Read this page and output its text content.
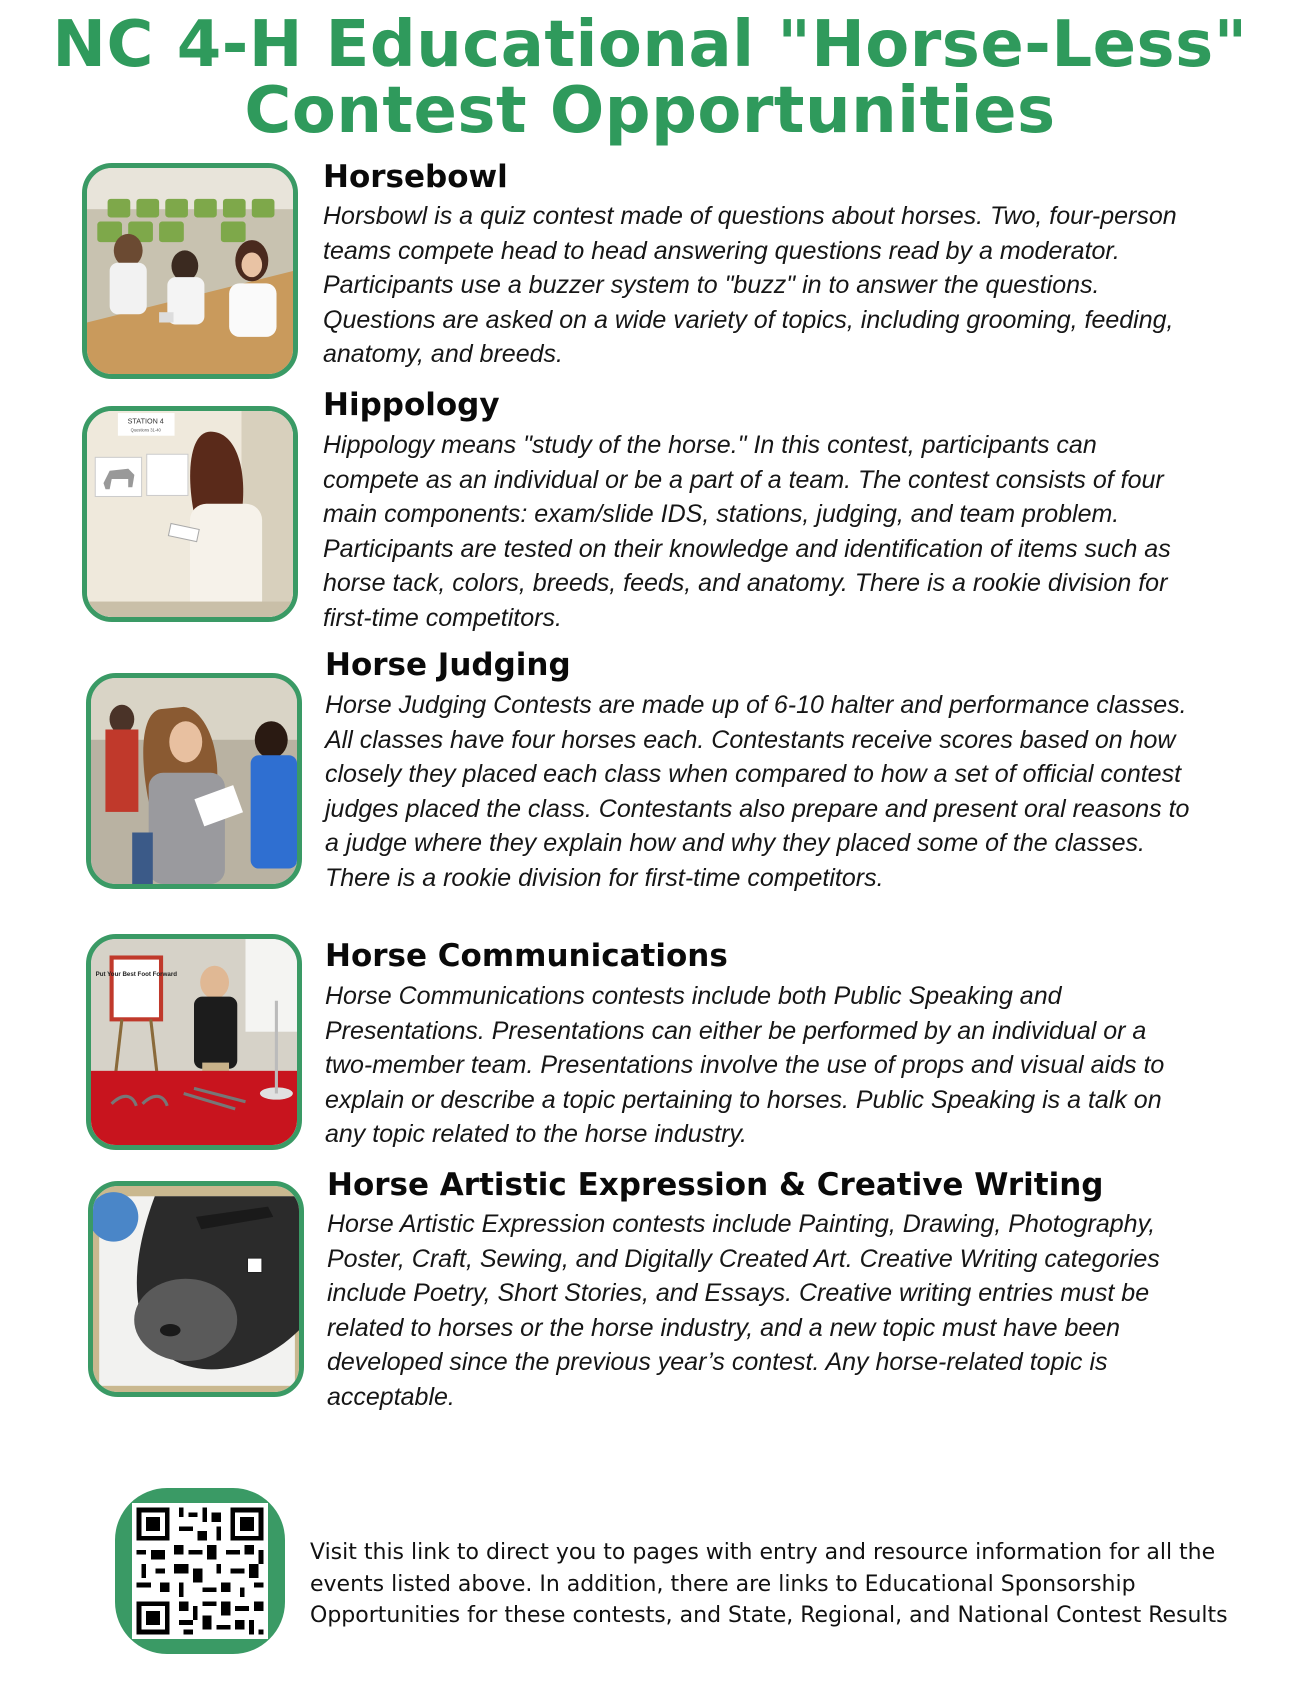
NC 4-H Educational "Horse-Less"
Contest Opportunities
Horsebowl
Horsbowl is a quiz contest made of questions about horses. Two, four-person teams compete head to head answering questions read by a moderator. Participants use a buzzer system to "buzz" in to answer the questions. Questions are asked on a wide variety of topics, including grooming, feeding, anatomy, and breeds.
STATION 4
Questions 31-40
Hippology
Hippology means "study of the horse." In this contest, participants can compete as an individual or be a part of a team. The contest consists of four main components: exam/slide IDS, stations, judging, and team problem. Participants are tested on their knowledge and identification of items such as horse tack, colors, breeds, feeds, and anatomy. There is a rookie division for first-time competitors.
Horse Judging
Horse Judging Contests are made up of 6-10 halter and performance classes. All classes have four horses each. Contestants receive scores based on how closely they placed each class when compared to how a set of official contest judges placed the class. Contestants also prepare and present oral reasons to a judge where they explain how and why they placed some of the classes. There is a rookie division for first-time competitors.
Put Your Best Foot Forward
Horse Communications
Horse Communications contests include both Public Speaking and Presentations. Presentations can either be performed by an individual or a two-member team. Presentations involve the use of props and visual aids to explain or describe a topic pertaining to horses. Public Speaking is a talk on any topic related to the horse industry.
Horse Artistic Expression & Creative Writing
Horse Artistic Expression contests include Painting, Drawing, Photography, Poster, Craft, Sewing, and Digitally Created Art. Creative Writing categories include Poetry, Short Stories, and Essays. Creative writing entries must be related to horses or the horse industry, and a new topic must have been developed since the previous year’s contest. Any horse-related topic is acceptable.
Visit this link to direct you to pages with entry and resource information for all the events listed above. In addition, there are links to Educational Sponsorship Opportunities for these contests, and State, Regional, and National Contest Results
